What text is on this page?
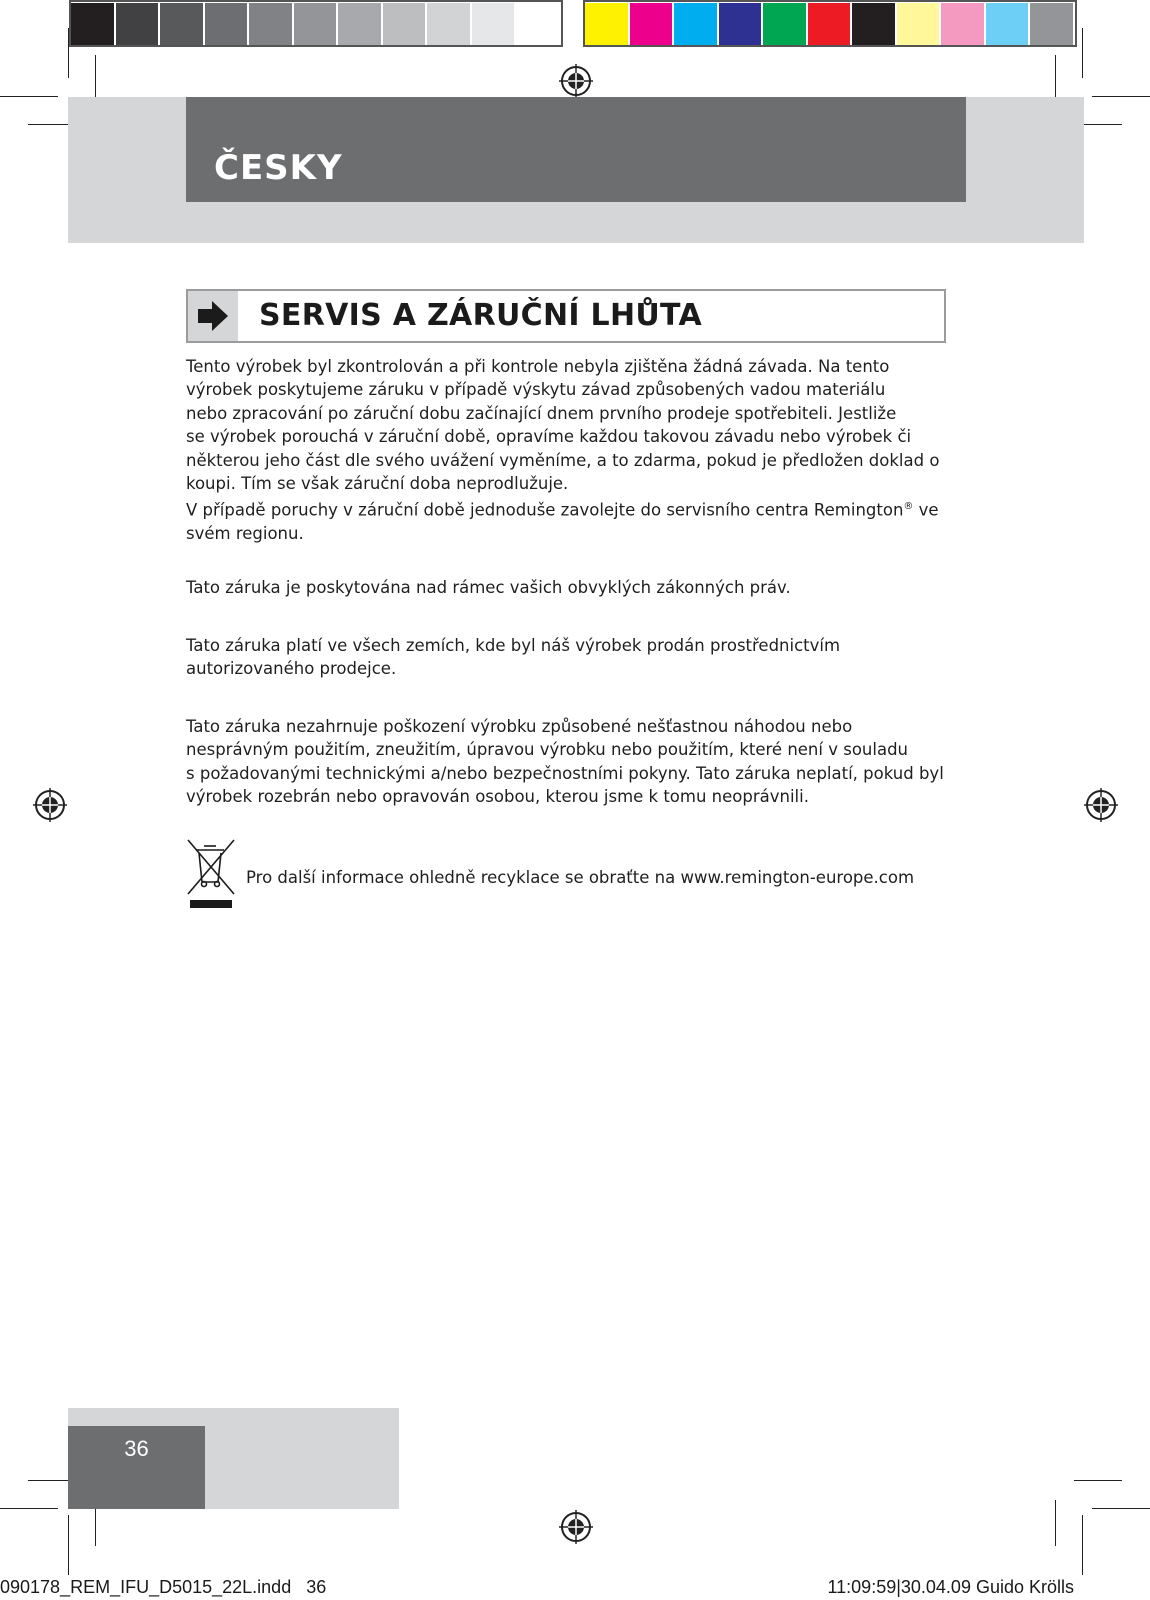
ČESKY
SERVIS A ZÁRUČNÍ LHŮTA
Tento výrobek byl zkontrolován a při kontrole nebyla zjištěna žádná závada. Na tento
výrobek poskytujeme záruku v případě výskytu závad způsobených vadou materiálu
nebo zpracování po záruční dobu začínající dnem prvního prodeje spotřebiteli. Jestliže
se výrobek porouchá v záruční době, opravíme každou takovou závadu nebo výrobek či
některou jeho část dle svého uvážení vyměníme, a to zdarma, pokud je předložen doklad o
koupi. Tím se však záruční doba neprodlužuje.
V případě poruchy v záruční době jednoduše zavolejte do servisního centra Remington® ve
svém regionu.
Tato záruka je poskytována nad rámec vašich obvyklých zákonných práv.
Tato záruka platí ve všech zemích, kde byl náš výrobek prodán prostřednictvím
autorizovaného prodejce.
Tato záruka nezahrnuje poškození výrobku způsobené nešťastnou náhodou nebo
nesprávným použitím, zneužitím, úpravou výrobku nebo použitím, které není v souladu
s požadovanými technickými a/nebo bezpečnostními pokyny. Tato záruka neplatí, pokud byl
výrobek rozebrán nebo opravován osobou, kterou jsme k tomu neoprávnili.
Pro další informace ohledně recyklace se obraťte na www.remington-europe.com
36
090178_REM_IFU_D5015_22L.indd   36	11:09:59|30.04.09 Guido Krölls
